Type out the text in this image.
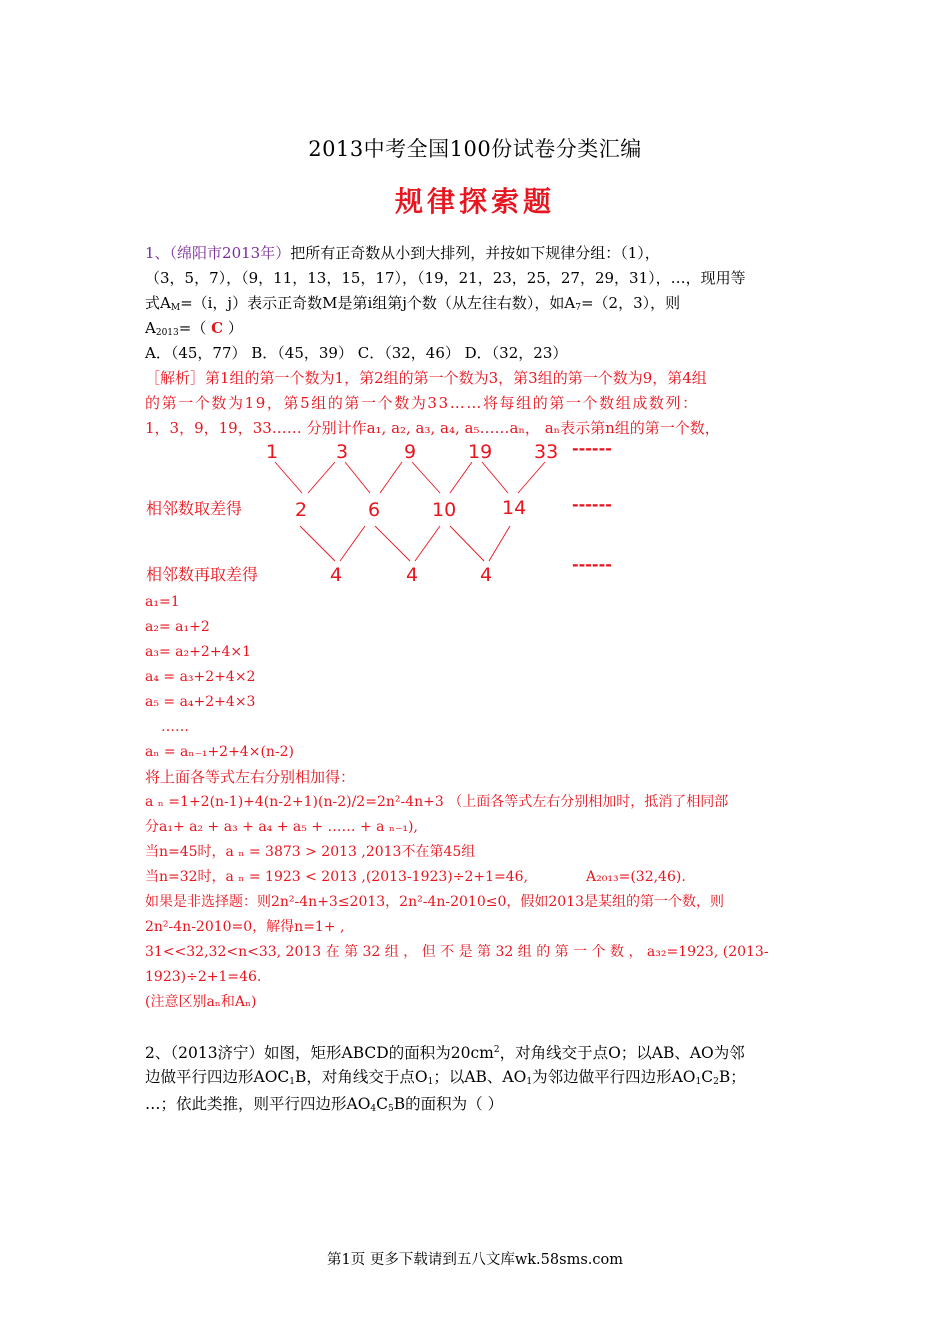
2013中考全国100份试卷分类汇编
规律探索题
1、（绵阳市2013年）把所有正奇数从小到大排列，并按如下规律分组：（1），
（3，5，7），（9，11，13，15，17），（19，21，23，25，27，29，31），…，现用等
式$A_M=(i$，j）表示正奇数M是第i组第j个数（从左往右数），如$A_7=(2$，3），则
$A_{2013}=$（ C ）
A．（45，77） B．（45，39） C．（32，46） D．（32，23）
［解析］第1组的第一个数为1，第2组的第一个数为3，第3组的第一个数为9，第4组
的第一个数为19，第5组的第一个数为33……将每组的第一个数组成数列：
1，3，9，19，33…… 分别计作a₁, a₂, a₃, a₄, a₅……aₙ， aₙ表示第n组的第一个数，
1	3	9	19 33
2	6	10 14
4	4	4
相邻数取差得
相邻数再取差得
------
------
------
a₁=1
a₂= a₁+2
a₃= a₂+2+4×1
a₄ = a₃+2+4×2
a₅ = a₄+2+4×3
……
aₙ = aₙ₋₁+2+4×(n-2)
将上面各等式左右分别相加得：
a ₙ =1+2(n-1)+4(n-2+1)(n-2)/2=2n²-4n+3 （上面各等式左右分别相加时，抵消了相同部
分a₁+ a₂ + a₃ + a₄ + a₅ + …… + a ₙ₋₁),
当n=45时，a ₙ = 3873 > 2013 ,2013不在第45组
当n=32时，a ₙ = 1923 < 2013 ,(2013-1923)÷2+1=46,	A₂₀₁₃=(32,46).
如果是非选择题：则2n²-4n+3≤2013，2n²-4n-2010≤0，假如2013是某组的第一个数，则
2n²-4n-2010=0，解得n=1+ ,
31<<32,32<n<33, 2013 在 第 32 组 ， 但 不 是 第 32 组 的 第 一 个 数 ， a₃₂=1923, (2013-
1923)÷2+1=46.
(注意区别aₙ和Aₙ)
2、（2013济宁）如图，矩形ABCD的面积为$20cm^2$，对角线交于点O；以AB、AO为邻
边做平行四边形$AOC_1B$，对角线交于点$O_1$；以AB、$AO_1$为邻边做平行四边形$AO_1C_2B$；
…；依此类推，则平行四边形$AO_4C_5B$的面积为（ ）
第1页 更多下载请到五八文库wk.58sms.com
